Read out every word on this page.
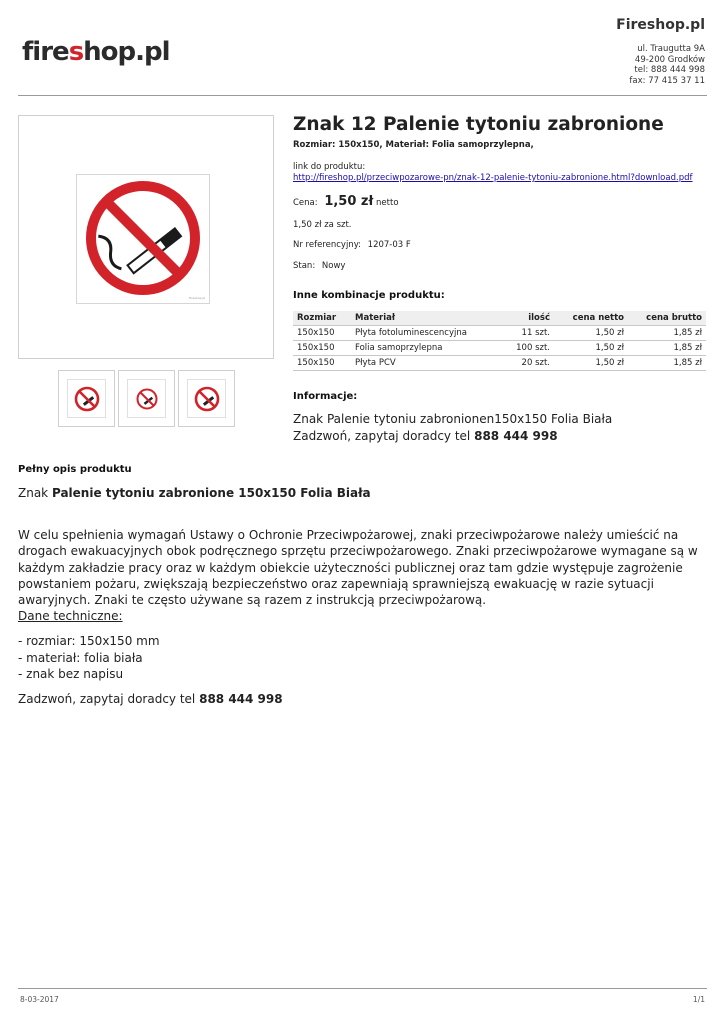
fireshop.pl
Fireshop.pl
ul. Traugutta 9A
49-200 Grodków
tel: 888 444 998
fax: 77 415 37 11
Fireshop.pl
Znak 12 Palenie tytoniu zabronione
Rozmiar: 150x150, Materiał: Folia samoprzylepna,
link do produktu:
http://fireshop.pl/przeciwpozarowe-pn/znak-12-palenie-tytoniu-zabronione.html?download.pdf
Cena: 1,50 zł netto
1,50 zł za szt.
Nr referencyjny: 1207-03 F
Stan: Nowy
Inne kombinacje produktu:
Rozmiar	Materiał	ilość	cena netto	cena brutto
150x150	Płyta fotoluminescencyjna	11 szt.	1,50 zł	1,85 zł
150x150	Folia samoprzylepna	100 szt.	1,50 zł	1,85 zł
150x150	Płyta PCV	20 szt.	1,50 zł	1,85 zł
Informacje:
Znak Palenie tytoniu zabronionen150x150 Folia Biała
Zadzwoń, zapytaj doradcy tel 888 444 998
Pełny opis produktu
Znak Palenie tytoniu zabronione 150x150 Folia Biała
W celu spełnienia wymagań Ustawy o Ochronie Przeciwpożarowej, znaki przeciwpożarowe należy umieścić na drogach ewakuacyjnych obok podręcznego sprzętu przeciwpożarowego. Znaki przeciwpożarowe wymagane są w każdym zakładzie pracy oraz w każdym obiekcie użyteczności publicznej oraz tam gdzie występuje zagrożenie powstaniem pożaru, zwiększają bezpieczeństwo oraz zapewniają sprawniejszą ewakuację w razie sytuacji awaryjnych. Znaki te często używane są razem z instrukcją przeciwpożarową.
Dane techniczne:
- rozmiar: 150x150 mm
- materiał: folia biała
- znak bez napisu
Zadzwoń, zapytaj doradcy tel 888 444 998
8-03-2017	1/1
